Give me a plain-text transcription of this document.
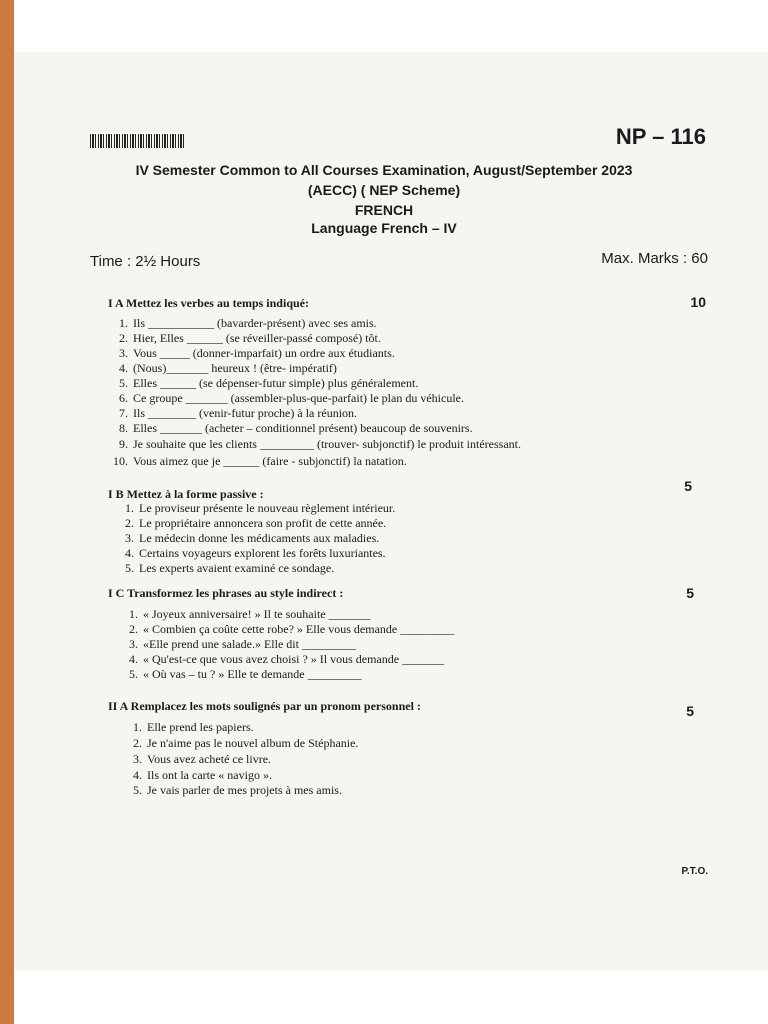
NP – 116
IV Semester Common to All Courses Examination, August/September 2023
(AECC) ( NEP Scheme)
FRENCH
Language French – IV
Time : 2½ Hours	Max. Marks : 60
I A Mettez les verbes au temps indiqué:	10
1. Ils ___________ (bavarder-présent) avec ses amis.
2. Hier, Elles ______ (se réveiller-passé composé) tôt.
3. Vous _____ (donner-imparfait) un ordre aux étudiants.
4. (Nous)_______ heureux ! (être- impératif)
5. Elles ______ (se dépenser-futur simple) plus généralement.
6. Ce groupe _______ (assembler-plus-que-parfait) le plan du véhicule.
7. Ils ________ (venir-futur proche) à la réunion.
8. Elles _______ (acheter – conditionnel présent) beaucoup de souvenirs.
9. Je souhaite que les clients _________ (trouver- subjonctif) le produit intéressant.
10. Vous aimez que je ______ (faire - subjonctif) la natation.
I B Mettez à la forme passive :	5
1. Le proviseur présente le nouveau règlement intérieur.
2. Le propriétaire annoncera son profit de cette année.
3. Le médecin donne les médicaments aux maladies.
4. Certains voyageurs explorent les forêts luxuriantes.
5. Les experts avaient examiné ce sondage.
I C Transformez les phrases au style indirect :	5
1. « Joyeux anniversaire! » Il te souhaite _______
2. « Combien ça coûte cette robe? » Elle vous demande _________
3. «Elle prend une salade.» Elle dit _________
4. « Qu'est-ce que vous avez choisi ? » Il vous demande _______
5. « Où vas – tu ? » Elle te demande _________
II A Remplacez les mots soulignés par un pronom personnel :	5
1. Elle prend les papiers.
2. Je n'aime pas le nouvel album de Stéphanie.
3. Vous avez acheté ce livre.
4. Ils ont la carte « navigo ».
5. Je vais parler de mes projets à mes amis.
P.T.O.
